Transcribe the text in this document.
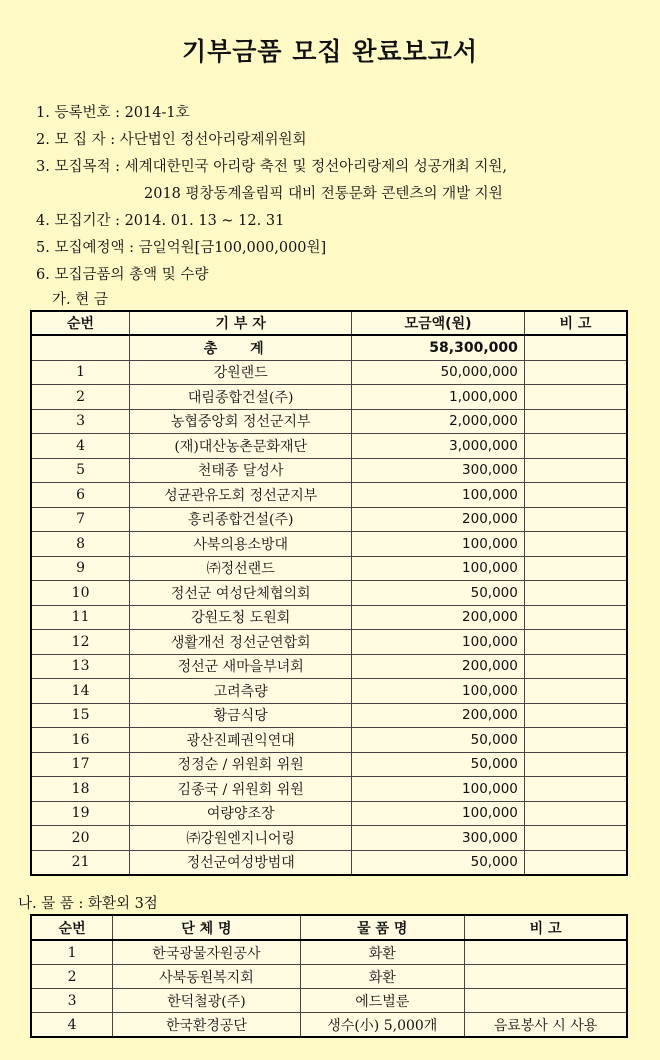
기부금품 모집 완료보고서
1. 등록번호 : 2014-1호
2. 모 집 자 : 사단법인 정선아리랑제위원회
3. 모집목적 : 세계대한민국 아리랑 축전 및 정선아리랑제의 성공개최 지원,
2018 평창동계올림픽 대비 전통문화 콘텐츠의 개발 지원
4. 모집기간 : 2014. 01. 13 ~ 12. 31
5. 모집예정액 : 금일억원[금100,000,000원]
6. 모집금품의 총액 및 수량
가. 현 금
순번	기 부 자	모금액(원)	비 고
	총 계	58,300,000	
1	강원랜드	50,000,000	
2	대림종합건설(주)	1,000,000	
3	농협중앙회 정선군지부	2,000,000	
4	(재)대산농촌문화재단	3,000,000	
5	천태종 달성사	300,000	
6	성균관유도회 정선군지부	100,000	
7	흥리종합건설(주)	200,000	
8	사북의용소방대	100,000	
9	㈜정선랜드	100,000	
10	정선군 여성단체협의회	50,000	
11	강원도청 도원회	200,000	
12	생활개선 정선군연합회	100,000	
13	정선군 새마을부녀회	200,000	
14	고려측량	100,000	
15	황금식당	200,000	
16	광산진폐권익연대	50,000	
17	정정순 / 위원회 위원	50,000	
18	김종국 / 위원회 위원	100,000	
19	여량양조장	100,000	
20	㈜강원엔지니어링	300,000	
21	정선군여성방범대	50,000	
나. 물 품 : 화환외 3점
순번	단 체 명	물 품 명	비 고
1	한국광물자원공사	화환	
2	사북동원복지회	화환	
3	한덕철광(주)	에드벌룬	
4	한국환경공단	생수(小) 5,000개	음료봉사 시 사용
